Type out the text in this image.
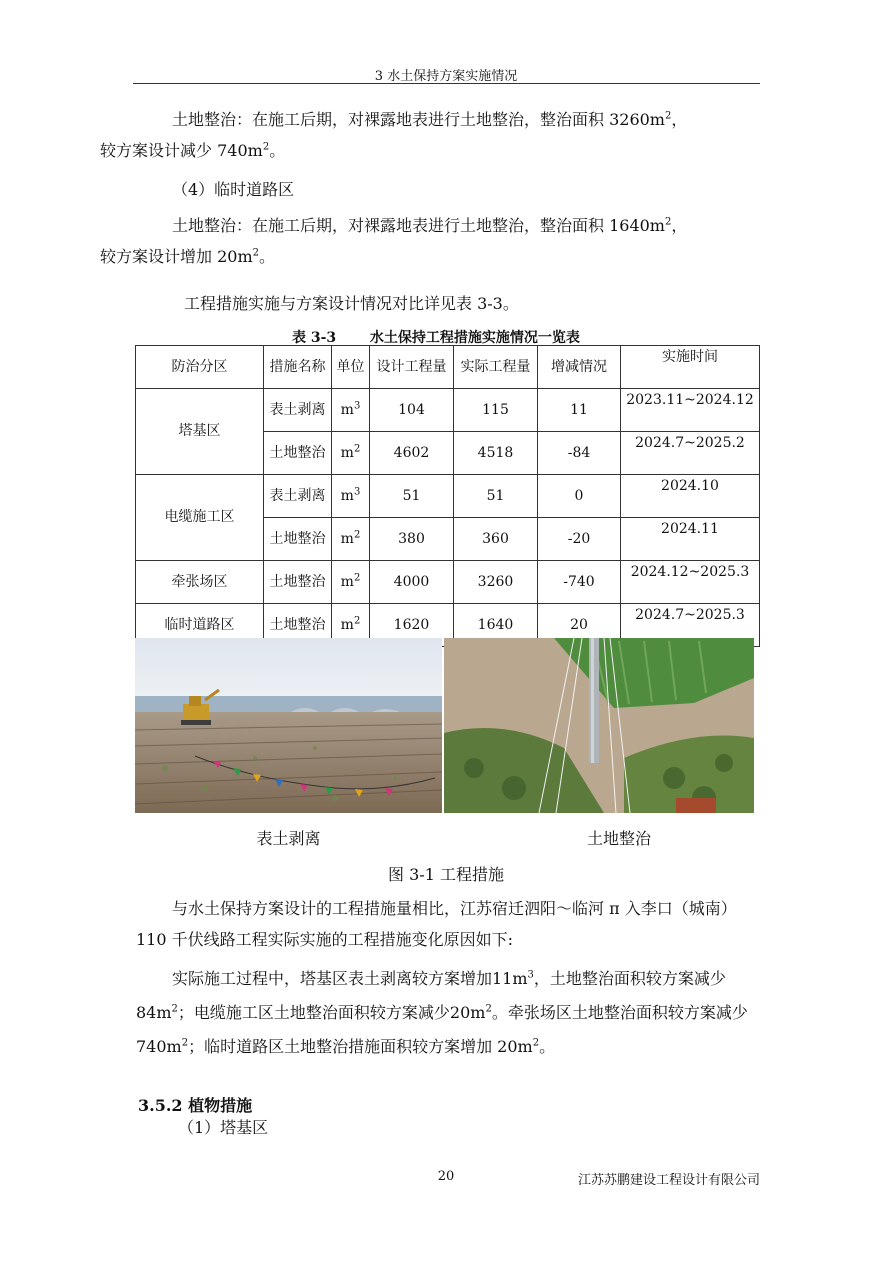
3 水土保持方案实施情况
土地整治：在施工后期，对裸露地表进行土地整治，整治面积 $3260m^2$，
较方案设计减少 $740m^2$。
（4）临时道路区
土地整治：在施工后期，对裸露地表进行土地整治，整治面积 $1640m^2$，
较方案设计增加 $20m^2$。
工程措施实施与方案设计情况对比详见表 3-3。
表 3-3 水土保持工程措施实施情况一览表
防治分区	措施名称	单位	设计工程量	实际工程量	增减情况	实施时间
塔基区	表土剥离	$m^3$	104	115	11	2023.11~2024.12
	土地整治	$m^2$	4602	4518	-84	2024.7~2025.2
电缆施工区	表土剥离	$m^3$	51	51	0	2024.10
	土地整治	$m^2$	380	360	-20	2024.11
牵张场区	土地整治	$m^2$	4000	3260	-740	2024.12~2025.3
临时道路区	土地整治	$m^2$	1620	1640	20	2024.7~2025.3
表土剥离	土地整治
图 3-1 工程措施
与水土保持方案设计的工程措施量相比，江苏宿迁泗阳～临河 π 入李口（城南）110 千伏线路工程实际实施的工程措施变化原因如下:
实际施工过程中，塔基区表土剥离较方案增加$11m^3$，土地整治面积较方案减少$84m^2$；电缆施工区土地整治面积较方案减少$20m^2$。牵张场区土地整治面积较方案减少 $740m^2$；临时道路区土地整治措施面积较方案增加 $20m^2$。
3.5.2 植物措施
（1）塔基区
20	江苏苏鹏建设工程设计有限公司
